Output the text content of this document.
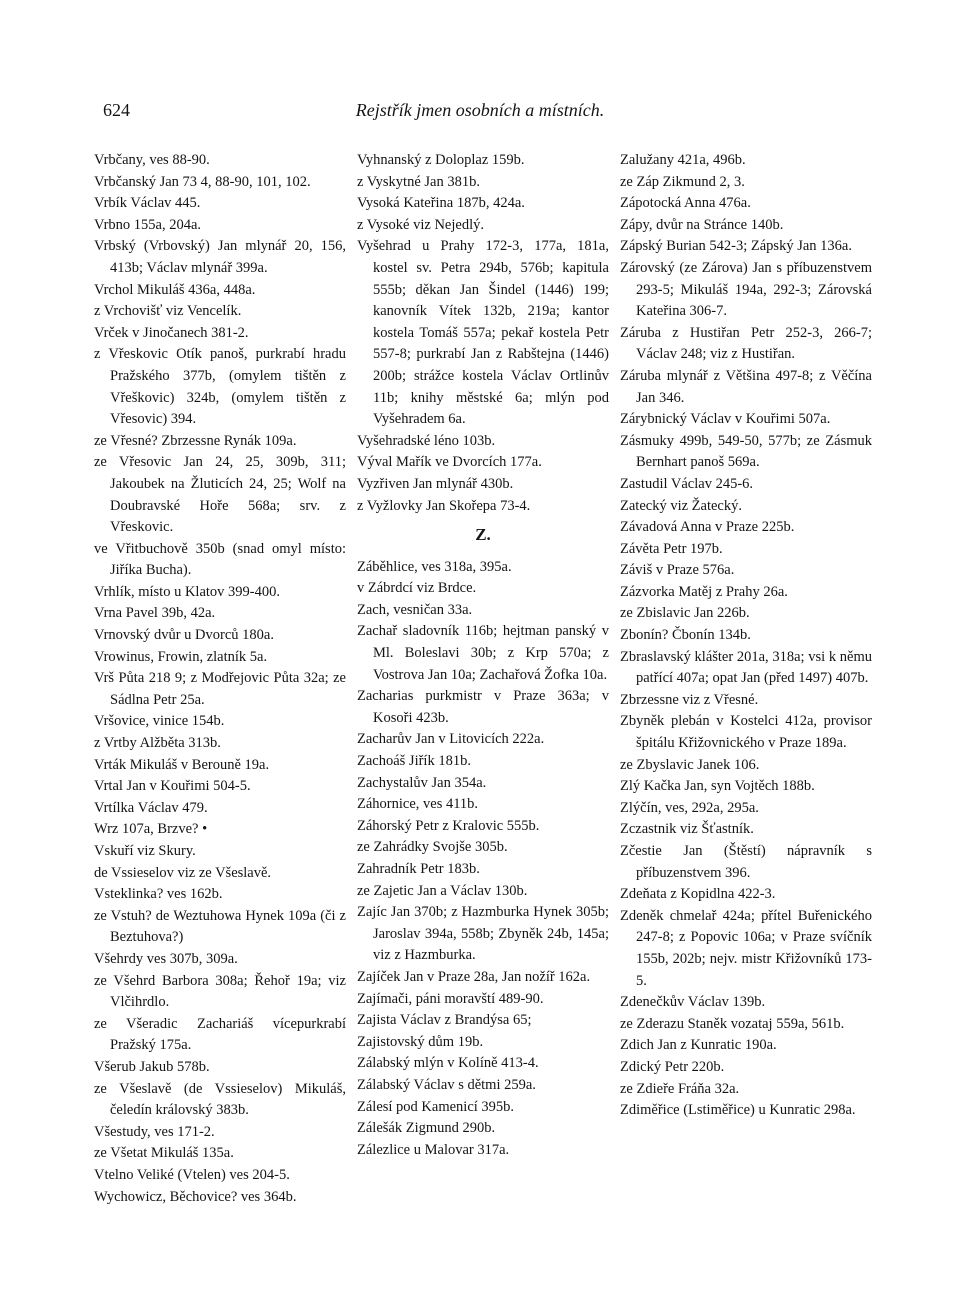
624	Rejstřík jmen osobních a místních.
Vrbčany, ves 88-90.
Vrbčanský Jan 73 4, 88-90, 101, 102.
Vrbík Václav 445.
Vrbno 155a, 204a.
Vrbský (Vrbovský) Jan mlynář 20, 156, 413b; Václav mlynář 399a.
Vrchol Mikuláš 436a, 448a.
z Vrchovišť viz Vencelík.
Vrček v Jinočanech 381-2.
z Vřeskovic Otík panoš, purkrabí hradu Pražského 377b, (omylem tištěn z Vřeškovic) 324b, (omylem tištěn z Vřesovic) 394.
ze Vřesné? Zbrzessne Rynák 109a.
ze Vřesovic Jan 24, 25, 309b, 311; Jakoubek na Žluticích 24, 25; Wolf na Doubravské Hoře 568a; srv. z Vřeskovic.
ve Vřitbuchově 350b (snad omyl místo: Jiříka Bucha).
Vrhlík, místo u Klatov 399-400.
Vrna Pavel 39b, 42a.
Vrnovský dvůr u Dvorců 180a.
Vrowinus, Frowin, zlatník 5a.
Vrš Půta 218 9; z Modřejovic Půta 32a; ze Sádlna Petr 25a.
Vršovice, vinice 154b.
z Vrtby Alžběta 313b.
Vrták Mikuláš v Berouně 19a.
Vrtal Jan v Kouřimi 504-5.
Vrtílka Václav 479.
Wrz 107a, Brzve? •
Vskuří viz Skury.
de Vssieselov viz ze Všeslavě.
Vsteklinka? ves 162b.
ze Vstuh? de Weztuhowa Hynek 109a (či z Beztuhova?)
Všehrdy ves 307b, 309a.
ze Všehrd Barbora 308a; Řehoř 19a; viz Vlčihrdlo.
ze Všeradic Zachariáš vícepurkrabí Pražský 175a.
Všerub Jakub 578b.
ze Všeslavě (de Vssieselov) Mikuláš, čeledín královský 383b.
Všestudy, ves 171-2.
ze Všetat Mikuláš 135a.
Vtelno Veliké (Vtelen) ves 204-5.
Wychowicz, Běchovice? ves 364b.
Vyhnanský z Doloplaz 159b.
z Vyskytné Jan 381b.
Vysoká Kateřina 187b, 424a.
z Vysoké viz Nejedlý.
Vyšehrad u Prahy 172-3, 177a, 181a, kostel sv. Petra 294b, 576b; kapitula 555b; děkan Jan Šindel (1446) 199; kanovník Vítek 132b, 219a; kantor kostela Tomáš 557a; pekař kostela Petr 557-8; purkrabí Jan z Rabštejna (1446) 200b; strážce kostela Václav Ortlinův 11b; knihy městské 6a; mlýn pod Vyšehradem 6a.
Vyšehradské léno 103b.
Výval Mařík ve Dvorcích 177a.
Vyzřiven Jan mlynář 430b.
z Vyžlovky Jan Skořepa 73-4.
Z.
Záběhlice, ves 318a, 395a.
v Zábrdcí viz Brdce.
Zach, vesničan 33a.
Zachař sladovník 116b; hejtman panský v Ml. Boleslavi 30b; z Krp 570a; z Vostrova Jan 10a; Zachařová Žofka 10a.
Zacharias purkmistr v Praze 363a; v Kosoři 423b.
Zacharův Jan v Litovicích 222a.
Zachoáš Jiřík 181b.
Zachystalův Jan 354a.
Záhornice, ves 411b.
Záhorský Petr z Kralovic 555b.
ze Zahrádky Svojše 305b.
Zahradník Petr 183b.
ze Zajetic Jan a Václav 130b.
Zajíc Jan 370b; z Hazmburka Hynek 305b; Jaroslav 394a, 558b; Zbyněk 24b, 145a; viz z Hazmburka.
Zajíček Jan v Praze 28a, Jan nožíř 162a.
Zajímači, páni moravští 489-90.
Zajista Václav z Brandýsa 65;
Zajistovský dům 19b.
Zálabský mlýn v Kolíně 413-4.
Zálabský Václav s dětmi 259a.
Zálesí pod Kamenicí 395b.
Zálešák Zigmund 290b.
Zálezlice u Malovar 317a.
Zalužany 421a, 496b.
ze Záp Zikmund 2, 3.
Zápotocká Anna 476a.
Zápy, dvůr na Stránce 140b.
Zápský Burian 542-3; Zápský Jan 136a.
Zárovský (ze Zárova) Jan s příbuzenstvem 293-5; Mikuláš 194a, 292-3; Zárovská Kateřina 306-7.
Záruba z Hustiřan Petr 252-3, 266-7; Václav 248; viz z Hustiřan.
Záruba mlynář z Většina 497-8; z Věčína Jan 346.
Zárybnický Václav v Kouřimi 507a.
Zásmuky 499b, 549-50, 577b; ze Zásmuk Bernhart panoš 569a.
Zastudil Václav 245-6.
Zatecký viz Žatecký.
Závadová Anna v Praze 225b.
Závěta Petr 197b.
Záviš v Praze 576a.
Zázvorka Matěj z Prahy 26a.
ze Zbislavic Jan 226b.
Zbonín? Čbonín 134b.
Zbraslavský klášter 201a, 318a; vsi k němu patřící 407a; opat Jan (před 1497) 407b.
Zbrzessne viz z Vřesné.
Zbyněk plebán v Kostelci 412a, provisor špitálu Křižovnického v Praze 189a.
ze Zbyslavic Janek 106.
Zlý Kačka Jan, syn Vojtěch 188b.
Zlýčín, ves, 292a, 295a.
Zczastnik viz Šťastník.
Zčestie Jan (Štěstí) nápravník s příbuzenstvem 396.
Zdeňata z Kopidlna 422-3.
Zdeněk chmelař 424a; přítel Buřenického 247-8; z Popovic 106a; v Praze svíčník 155b, 202b; nejv. mistr Křižovníků 173-5.
Zdenečkův Václav 139b.
ze Zderazu Staněk vozataj 559a, 561b.
Zdich Jan z Kunratic 190a.
Zdický Petr 220b.
ze Zdieře Fráňa 32a.
Zdiměřice (Lstiměřice) u Kunratic 298a.
